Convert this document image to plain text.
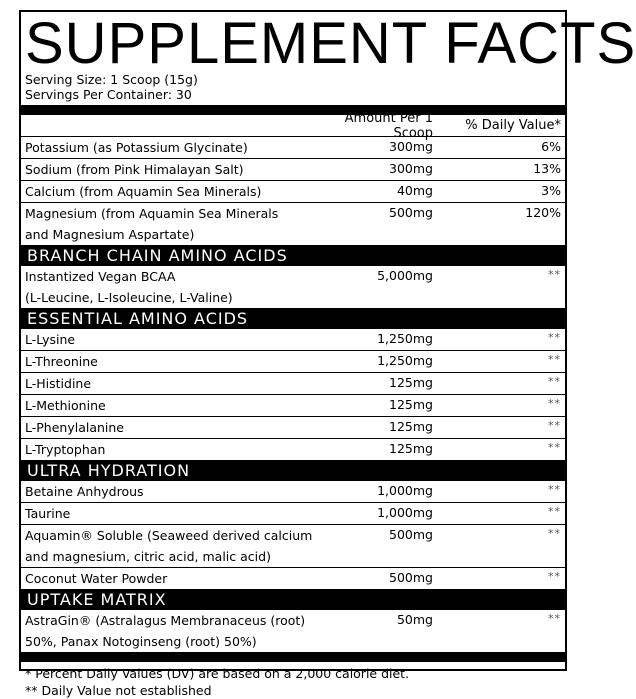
SUPPLEMENT FACTS
Serving Size: 1 Scoop (15g)
Servings Per Container: 30
Amount Per 1 Scoop	% Daily Value*
Potassium (as Potassium Glycinate)	300mg	6%
Sodium (from Pink Himalayan Salt)	300mg	13%
Calcium (from Aquamin Sea Minerals)	40mg	3%
Magnesium (from Aquamin Sea Minerals
and Magnesium Aspartate)
500mg	120%
BRANCH CHAIN AMINO ACIDS
Instantized Vegan BCAA
(L-Leucine, L-Isoleucine, L-Valine)
5,000mg	**
ESSENTIAL AMINO ACIDS
L-Lysine	1,250mg	**
L-Threonine	1,250mg	**
L-Histidine	125mg	**
L-Methionine	125mg	**
L-Phenylalanine	125mg	**
L-Tryptophan	125mg	**
ULTRA HYDRATION
Betaine Anhydrous	1,000mg	**
Taurine	1,000mg	**
Aquamin® Soluble (Seaweed derived calcium
and magnesium, citric acid, malic acid)
500mg	**
Coconut Water Powder	500mg	**
UPTAKE MATRIX
AstraGin® (Astralagus Membranaceus (root)
50%, Panax Notoginseng (root) 50%)
50mg	**
* Percent Daily Values (DV) are based on a 2,000 calorie diet.
** Daily Value not established
